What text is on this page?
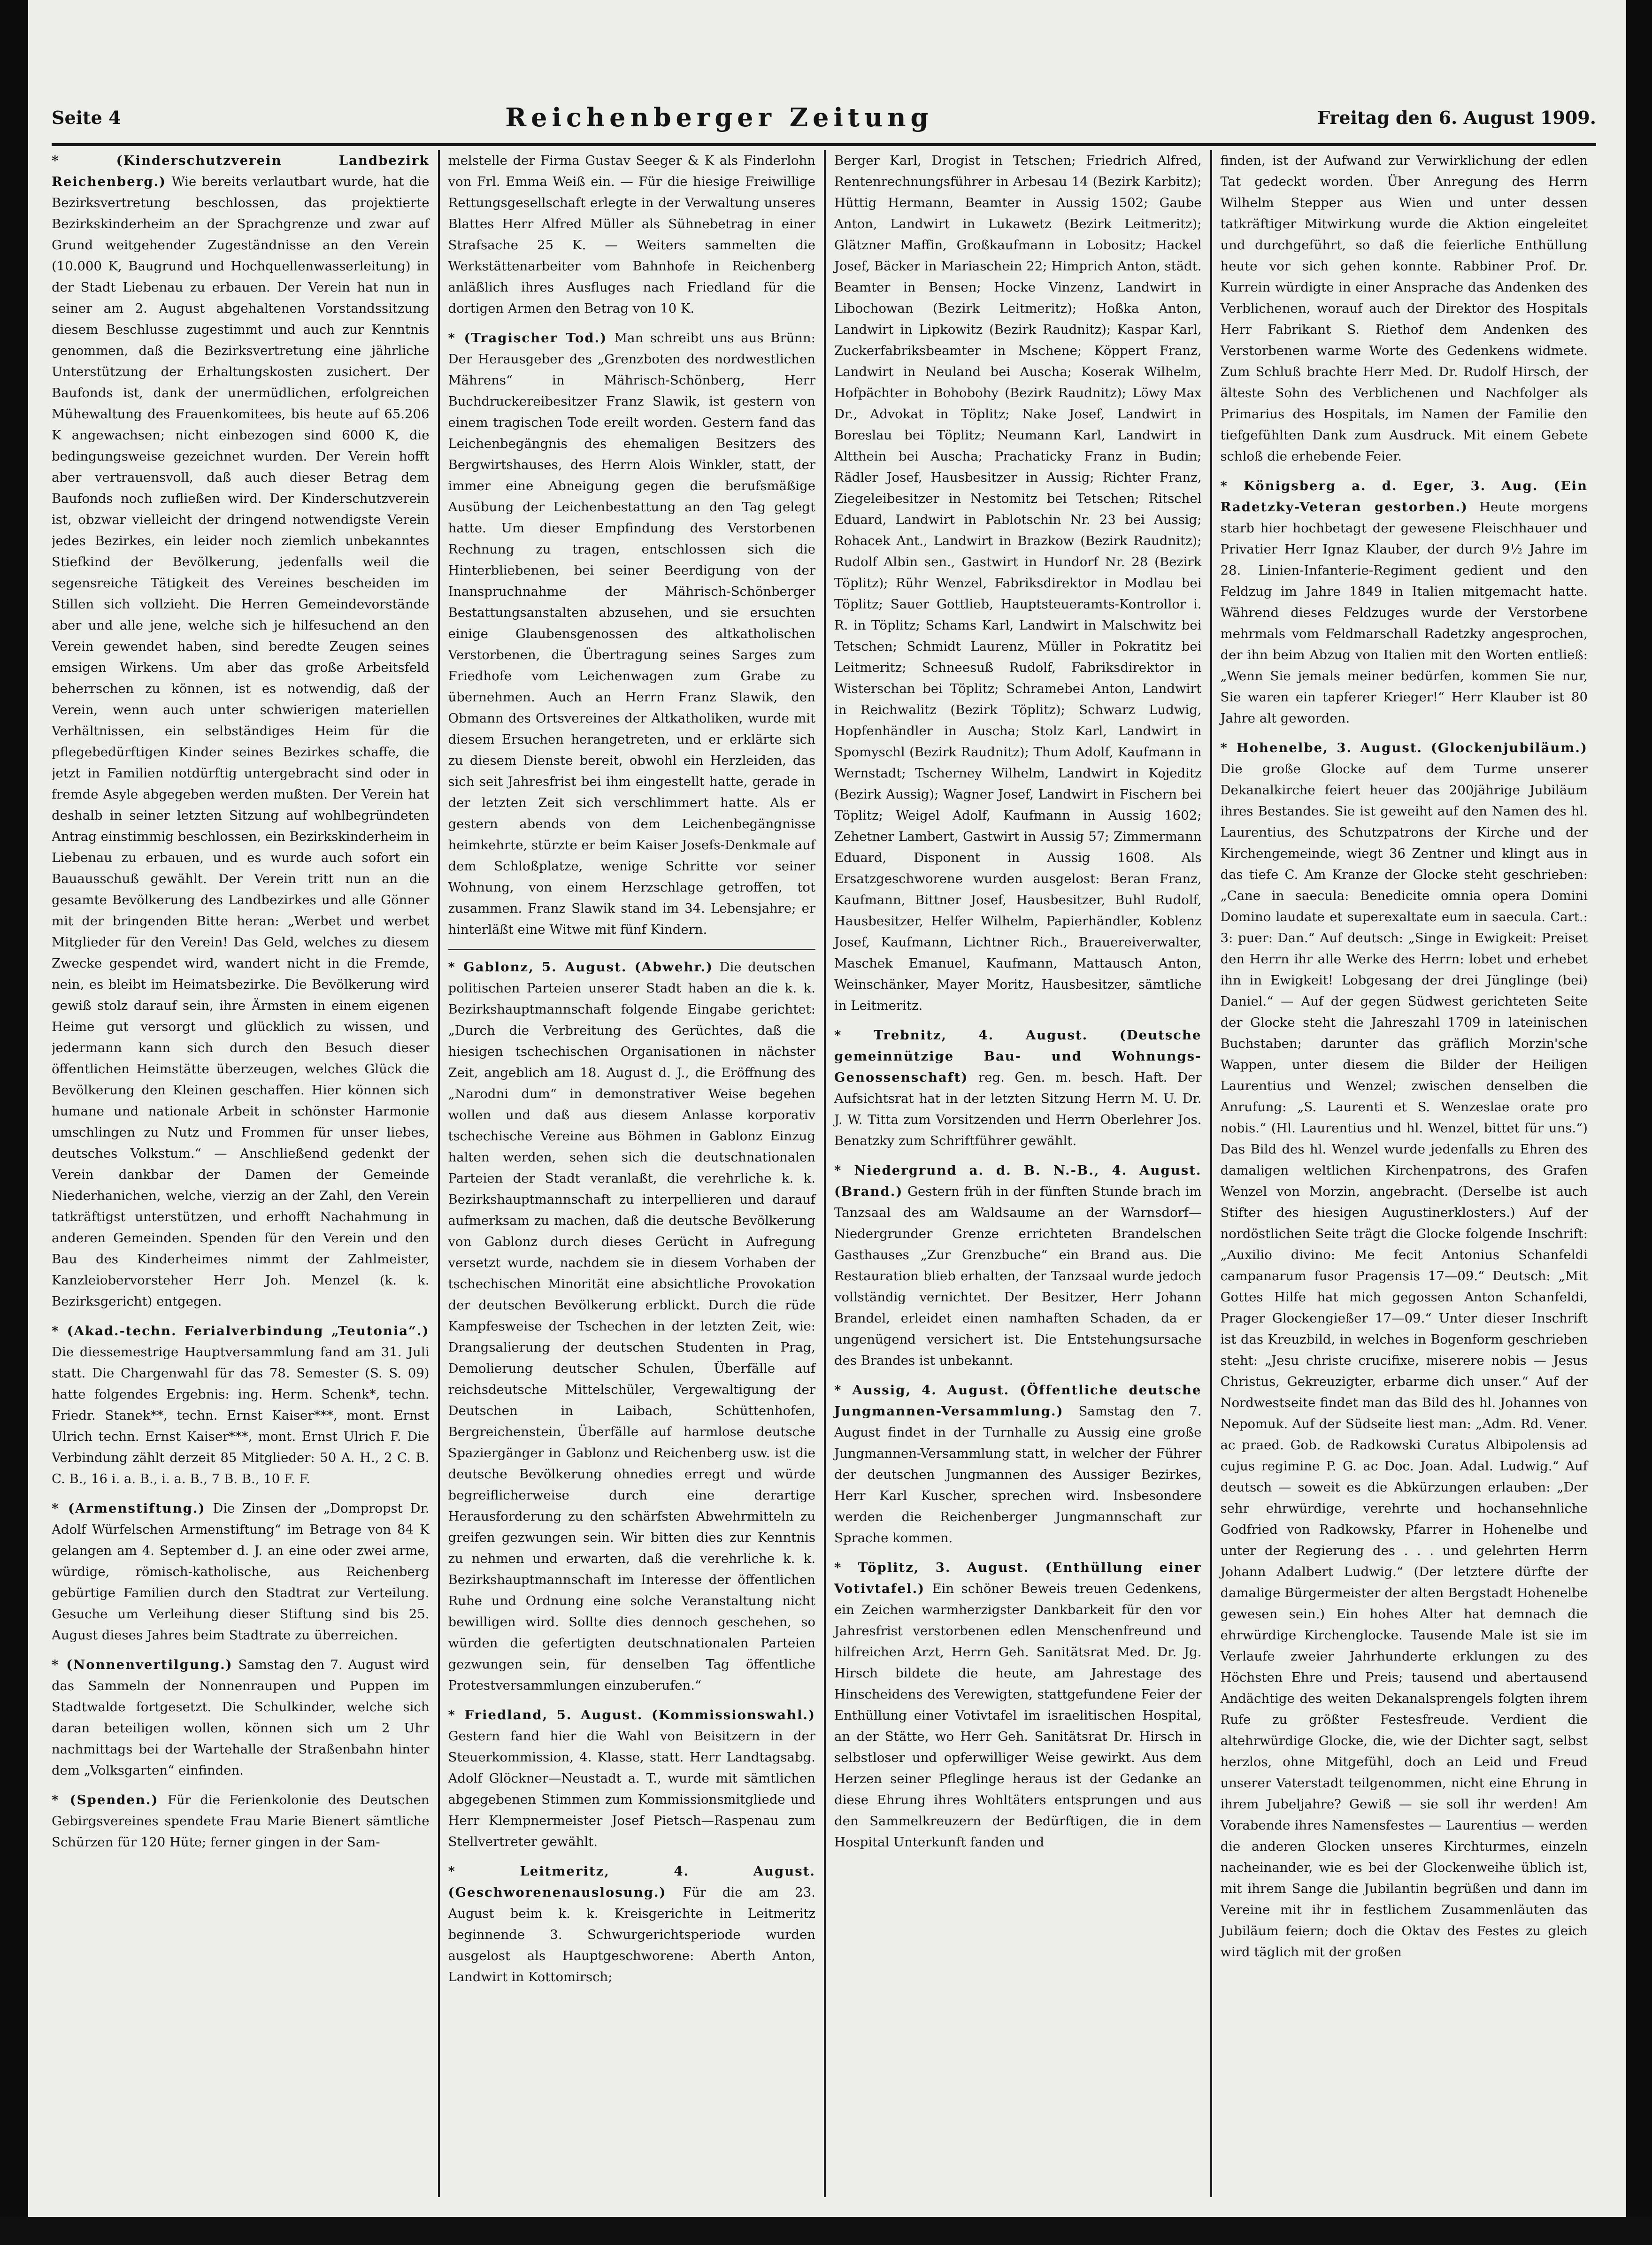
Seite 4	Reichenberger Zeitung	Freitag den 6. August 1909.

* (Kinderschutzverein Landbezirk Reichenberg.) Wie bereits verlautbart wurde, hat die Bezirksvertretung beschlossen, das projektierte Bezirkskinderheim an der Sprachgrenze und zwar auf Grund weitgehender Zugeständnisse an den Verein (10.000 K, Baugrund und Hochquellenwasserleitung) in der Stadt Liebenau zu erbauen. Der Verein hat nun in seiner am 2. August abgehaltenen Vorstandssitzung diesem Beschlusse zugestimmt und auch zur Kenntnis genommen, daß die Bezirksvertretung eine jährliche Unterstützung der Erhaltungskosten zusichert. Der Baufonds ist, dank der unermüdlichen, erfolgreichen Mühewaltung des Frauenkomitees, bis heute auf 65.206 K angewachsen; nicht einbezogen sind 6000 K, die bedingungsweise gezeichnet wurden. Der Verein hofft aber vertrauensvoll, daß auch dieser Betrag dem Baufonds noch zufließen wird. Der Kinderschutzverein ist, obzwar vielleicht der dringend notwendigste Verein jedes Bezirkes, ein leider noch ziemlich unbekanntes Stiefkind der Bevölkerung, jedenfalls weil die segensreiche Tätigkeit des Vereines bescheiden im Stillen sich vollzieht. Die Herren Gemeindevorstände aber und alle jene, welche sich je hilfesuchend an den Verein gewendet haben, sind beredte Zeugen seines emsigen Wirkens. Um aber das große Arbeitsfeld beherrschen zu können, ist es notwendig, daß der Verein, wenn auch unter schwierigen materiellen Verhältnissen, ein selbständiges Heim für die pflegebedürftigen Kinder seines Bezirkes schaffe, die jetzt in Familien notdürftig untergebracht sind oder in fremde Asyle abgegeben werden mußten. Der Verein hat deshalb in seiner letzten Sitzung auf wohlbegründeten Antrag einstimmig beschlossen, ein Bezirkskinderheim in Liebenau zu erbauen, und es wurde auch sofort ein Bauausschuß gewählt. Der Verein tritt nun an die gesamte Bevölkerung des Landbezirkes und alle Gönner mit der bringenden Bitte heran: „Werbet und werbet Mitglieder für den Verein! Das Geld, welches zu diesem Zwecke gespendet wird, wandert nicht in die Fremde, nein, es bleibt im Heimatsbezirke. Die Bevölkerung wird gewiß stolz darauf sein, ihre Ärmsten in einem eigenen Heime gut versorgt und glücklich zu wissen, und jedermann kann sich durch den Besuch dieser öffentlichen Heimstätte überzeugen, welches Glück die Bevölkerung den Kleinen geschaffen. Hier können sich humane und nationale Arbeit in schönster Harmonie umschlingen zu Nutz und Frommen für unser liebes, deutsches Volkstum.“ — Anschließend gedenkt der Verein dankbar der Damen der Gemeinde Niederhanichen, welche, vierzig an der Zahl, den Verein tatkräftigst unterstützen, und erhofft Nachahmung in anderen Gemeinden. Spenden für den Verein und den Bau des Kinderheimes nimmt der Zahlmeister, Kanzleiobervorsteher Herr Joh. Menzel (k. k. Bezirksgericht) entgegen.

* (Akad.-techn. Ferialverbindung „Teutonia“.) Die diessemestrige Hauptversammlung fand am 31. Juli statt. Die Chargenwahl für das 78. Semester (S. S. 09) hatte folgendes Ergebnis: ing. Herm. Schenk*, techn. Friedr. Stanek**, techn. Ernst Kaiser***, mont. Ernst Ulrich techn. Ernst Kaiser***, mont. Ernst Ulrich F. Die Verbindung zählt derzeit 85 Mitglieder: 50 A. H., 2 C. B. C. B., 16 i. a. B., i. a. B., 7 B. B., 10 F. F.

* (Armenstiftung.) Die Zinsen der „Dompropst Dr. Adolf Würfelschen Armenstiftung“ im Betrage von 84 K gelangen am 4. September d. J. an eine oder zwei arme, würdige, römisch-katholische, aus Reichenberg gebürtige Familien durch den Stadtrat zur Verteilung. Gesuche um Verleihung dieser Stiftung sind bis 25. August dieses Jahres beim Stadtrate zu überreichen.

* (Nonnenvertilgung.) Samstag den 7. August wird das Sammeln der Nonnenraupen und Puppen im Stadtwalde fortgesetzt. Die Schulkinder, welche sich daran beteiligen wollen, können sich um 2 Uhr nachmittags bei der Wartehalle der Straßenbahn hinter dem „Volksgarten“ einfinden.

* (Spenden.) Für die Ferienkolonie des Deutschen Gebirgsvereines spendete Frau Marie Bienert sämtliche Schürzen für 120 Hüte; ferner gingen in der Sam-

melstelle der Firma Gustav Seeger & K als Finderlohn von Frl. Emma Weiß ein. — Für die hiesige Freiwillige Rettungsgesellschaft erlegte in der Verwaltung unseres Blattes Herr Alfred Müller als Sühnebetrag in einer Strafsache 25 K. — Weiters sammelten die Werkstättenarbeiter vom Bahnhofe in Reichenberg anläßlich ihres Ausfluges nach Friedland für die dortigen Armen den Betrag von 10 K.

* (Tragischer Tod.) Man schreibt uns aus Brünn: Der Herausgeber des „Grenzboten des nordwestlichen Mährens“ in Mährisch-Schönberg, Herr Buchdruckereibesitzer Franz Slawik, ist gestern von einem tragischen Tode ereilt worden. Gestern fand das Leichenbegängnis des ehemaligen Besitzers des Bergwirtshauses, des Herrn Alois Winkler, statt, der immer eine Abneigung gegen die berufsmäßige Ausübung der Leichenbestattung an den Tag gelegt hatte. Um dieser Empfindung des Verstorbenen Rechnung zu tragen, entschlossen sich die Hinterbliebenen, bei seiner Beerdigung von der Inanspruchnahme der Mährisch-Schönberger Bestattungsanstalten abzusehen, und sie ersuchten einige Glaubensgenossen des altkatholischen Verstorbenen, die Übertragung seines Sarges zum Friedhofe vom Leichenwagen zum Grabe zu übernehmen. Auch an Herrn Franz Slawik, den Obmann des Ortsvereines der Altkatholiken, wurde mit diesem Ersuchen herangetreten, und er erklärte sich zu diesem Dienste bereit, obwohl ein Herzleiden, das sich seit Jahresfrist bei ihm eingestellt hatte, gerade in der letzten Zeit sich verschlimmert hatte. Als er gestern abends von dem Leichenbegängnisse heimkehrte, stürzte er beim Kaiser Josefs-Denkmale auf dem Schloßplatze, wenige Schritte vor seiner Wohnung, von einem Herzschlage getroffen, tot zusammen. Franz Slawik stand im 34. Lebensjahre; er hinterläßt eine Witwe mit fünf Kindern.

* Gablonz, 5. August. (Abwehr.) Die deutschen politischen Parteien unserer Stadt haben an die k. k. Bezirkshauptmannschaft folgende Eingabe gerichtet: „Durch die Verbreitung des Gerüchtes, daß die hiesigen tschechischen Organisationen in nächster Zeit, angeblich am 18. August d. J., die Eröffnung des „Narodni dum“ in demonstrativer Weise begehen wollen und daß aus diesem Anlasse korporativ tschechische Vereine aus Böhmen in Gablonz Einzug halten werden, sehen sich die deutschnationalen Parteien der Stadt veranlaßt, die verehrliche k. k. Bezirkshauptmannschaft zu interpellieren und darauf aufmerksam zu machen, daß die deutsche Bevölkerung von Gablonz durch dieses Gerücht in Aufregung versetzt wurde, nachdem sie in diesem Vorhaben der tschechischen Minorität eine absichtliche Provokation der deutschen Bevölkerung erblickt. Durch die rüde Kampfesweise der Tschechen in der letzten Zeit, wie: Drangsalierung der deutschen Studenten in Prag, Demolierung deutscher Schulen, Überfälle auf reichsdeutsche Mittelschüler, Vergewaltigung der Deutschen in Laibach, Schüttenhofen, Bergreichenstein, Überfälle auf harmlose deutsche Spaziergänger in Gablonz und Reichenberg usw. ist die deutsche Bevölkerung ohnedies erregt und würde begreiflicherweise durch eine derartige Herausforderung zu den schärfsten Abwehrmitteln zu greifen gezwungen sein. Wir bitten dies zur Kenntnis zu nehmen und erwarten, daß die verehrliche k. k. Bezirkshauptmannschaft im Interesse der öffentlichen Ruhe und Ordnung eine solche Veranstaltung nicht bewilligen wird. Sollte dies dennoch geschehen, so würden die gefertigten deutschnationalen Parteien gezwungen sein, für denselben Tag öffentliche Protestversammlungen einzuberufen.“

* Friedland, 5. August. (Kommissionswahl.) Gestern fand hier die Wahl von Beisitzern in der Steuerkommission, 4. Klasse, statt. Herr Landtagsabg. Adolf Glöckner—Neustadt a. T., wurde mit sämtlichen abgegebenen Stimmen zum Kommissionsmitgliede und Herr Klempnermeister Josef Pietsch—Raspenau zum Stellvertreter gewählt.

* Leitmeritz, 4. August. (Geschworenenauslosung.) Für die am 23. August beim k. k. Kreisgerichte in Leitmeritz beginnende 3. Schwurgerichtsperiode wurden ausgelost als Hauptgeschworene: Aberth Anton, Landwirt in Kottomirsch;

Berger Karl, Drogist in Tetschen; Friedrich Alfred, Rentenrechnungsführer in Arbesau 14 (Bezirk Karbitz); Hüttig Hermann, Beamter in Aussig 1502; Gaube Anton, Landwirt in Lukawetz (Bezirk Leitmeritz); Glätzner Maffin, Großkaufmann in Lobositz; Hackel Josef, Bäcker in Mariaschein 22; Himprich Anton, städt. Beamter in Bensen; Hocke Vinzenz, Landwirt in Libochowan (Bezirk Leitmeritz); Hoßka Anton, Landwirt in Lipkowitz (Bezirk Raudnitz); Kaspar Karl, Zuckerfabriksbeamter in Mschene; Köppert Franz, Landwirt in Neuland bei Auscha; Koserak Wilhelm, Hofpächter in Bohobohy (Bezirk Raudnitz); Löwy Max Dr., Advokat in Töplitz; Nake Josef, Landwirt in Boreslau bei Töplitz; Neumann Karl, Landwirt in Altthein bei Auscha; Prachaticky Franz in Budin; Rädler Josef, Hausbesitzer in Aussig; Richter Franz, Ziegeleibesitzer in Nestomitz bei Tetschen; Ritschel Eduard, Landwirt in Pablotschin Nr. 23 bei Aussig; Rohacek Ant., Landwirt in Brazkow (Bezirk Raudnitz); Rudolf Albin sen., Gastwirt in Hundorf Nr. 28 (Bezirk Töplitz); Rühr Wenzel, Fabriksdirektor in Modlau bei Töplitz; Sauer Gottlieb, Hauptsteueramts-Kontrollor i. R. in Töplitz; Schams Karl, Landwirt in Malschwitz bei Tetschen; Schmidt Laurenz, Müller in Pokratitz bei Leitmeritz; Schneesuß Rudolf, Fabriksdirektor in Wisterschan bei Töplitz; Schramebei Anton, Landwirt in Reichwalitz (Bezirk Töplitz); Schwarz Ludwig, Hopfenhändler in Auscha; Stolz Karl, Landwirt in Spomyschl (Bezirk Raudnitz); Thum Adolf, Kaufmann in Wernstadt; Tscherney Wilhelm, Landwirt in Kojeditz (Bezirk Aussig); Wagner Josef, Landwirt in Fischern bei Töplitz; Weigel Adolf, Kaufmann in Aussig 1602; Zehetner Lambert, Gastwirt in Aussig 57; Zimmermann Eduard, Disponent in Aussig 1608. Als Ersatzgeschworene wurden ausgelost: Beran Franz, Kaufmann, Bittner Josef, Hausbesitzer, Buhl Rudolf, Hausbesitzer, Helfer Wilhelm, Papierhändler, Koblenz Josef, Kaufmann, Lichtner Rich., Brauereiverwalter, Maschek Emanuel, Kaufmann, Mattausch Anton, Weinschänker, Mayer Moritz, Hausbesitzer, sämtliche in Leitmeritz.

* Trebnitz, 4. August. (Deutsche gemeinnützige Bau- und Wohnungs-Genossenschaft) reg. Gen. m. besch. Haft. Der Aufsichtsrat hat in der letzten Sitzung Herrn M. U. Dr. J. W. Titta zum Vorsitzenden und Herrn Oberlehrer Jos. Benatzky zum Schriftführer gewählt.

* Niedergrund a. d. B. N.-B., 4. August. (Brand.) Gestern früh in der fünften Stunde brach im Tanzsaal des am Waldsaume an der Warnsdorf—Niedergrunder Grenze errichteten Brandelschen Gasthauses „Zur Grenzbuche“ ein Brand aus. Die Restauration blieb erhalten, der Tanzsaal wurde jedoch vollständig vernichtet. Der Besitzer, Herr Johann Brandel, erleidet einen namhaften Schaden, da er ungenügend versichert ist. Die Entstehungsursache des Brandes ist unbekannt.

* Aussig, 4. August. (Öffentliche deutsche Jungmannen-Versammlung.) Samstag den 7. August findet in der Turnhalle zu Aussig eine große Jungmannen-Versammlung statt, in welcher der Führer der deutschen Jungmannen des Aussiger Bezirkes, Herr Karl Kuscher, sprechen wird. Insbesondere werden die Reichenberger Jungmannschaft zur Sprache kommen.

* Töplitz, 3. August. (Enthüllung einer Votivtafel.) Ein schöner Beweis treuen Gedenkens, ein Zeichen warmherzigster Dankbarkeit für den vor Jahresfrist verstorbenen edlen Menschenfreund und hilfreichen Arzt, Herrn Geh. Sanitätsrat Med. Dr. Jg. Hirsch bildete die heute, am Jahrestage des Hinscheidens des Verewigten, stattgefundene Feier der Enthüllung einer Votivtafel im israelitischen Hospital, an der Stätte, wo Herr Geh. Sanitätsrat Dr. Hirsch in selbstloser und opferwilliger Weise gewirkt. Aus dem Herzen seiner Pfleglinge heraus ist der Gedanke an diese Ehrung ihres Wohltäters entsprungen und aus den Sammelkreuzern der Bedürftigen, die in dem Hospital Unterkunft fanden und

finden, ist der Aufwand zur Verwirklichung der edlen Tat gedeckt worden. Über Anregung des Herrn Wilhelm Stepper aus Wien und unter dessen tatkräftiger Mitwirkung wurde die Aktion eingeleitet und durchgeführt, so daß die feierliche Enthüllung heute vor sich gehen konnte. Rabbiner Prof. Dr. Kurrein würdigte in einer Ansprache das Andenken des Verblichenen, worauf auch der Direktor des Hospitals Herr Fabrikant S. Riethof dem Andenken des Verstorbenen warme Worte des Gedenkens widmete. Zum Schluß brachte Herr Med. Dr. Rudolf Hirsch, der älteste Sohn des Verblichenen und Nachfolger als Primarius des Hospitals, im Namen der Familie den tiefgefühlten Dank zum Ausdruck. Mit einem Gebete schloß die erhebende Feier.

* Königsberg a. d. Eger, 3. Aug. (Ein Radetzky-Veteran gestorben.) Heute morgens starb hier hochbetagt der gewesene Fleischhauer und Privatier Herr Ignaz Klauber, der durch 9½ Jahre im 28. Linien-Infanterie-Regiment gedient und den Feldzug im Jahre 1849 in Italien mitgemacht hatte. Während dieses Feldzuges wurde der Verstorbene mehrmals vom Feldmarschall Radetzky angesprochen, der ihn beim Abzug von Italien mit den Worten entließ: „Wenn Sie jemals meiner bedürfen, kommen Sie nur, Sie waren ein tapferer Krieger!“ Herr Klauber ist 80 Jahre alt geworden.

* Hohenelbe, 3. August. (Glockenjubiläum.) Die große Glocke auf dem Turme unserer Dekanalkirche feiert heuer das 200jährige Jubiläum ihres Bestandes. Sie ist geweiht auf den Namen des hl. Laurentius, des Schutzpatrons der Kirche und der Kirchengemeinde, wiegt 36 Zentner und klingt aus in das tiefe C. Am Kranze der Glocke steht geschrieben: „Cane in saecula: Benedicite omnia opera Domini Domino laudate et superexaltate eum in saecula. Cart.: 3: puer: Dan.“ Auf deutsch: „Singe in Ewigkeit: Preiset den Herrn ihr alle Werke des Herrn: lobet und erhebet ihn in Ewigkeit! Lobgesang der drei Jünglinge (bei) Daniel.“ — Auf der gegen Südwest gerichteten Seite der Glocke steht die Jahreszahl 1709 in lateinischen Buchstaben; darunter das gräflich Morzin'sche Wappen, unter diesem die Bilder der Heiligen Laurentius und Wenzel; zwischen denselben die Anrufung: „S. Laurenti et S. Wenzeslae orate pro nobis.“ (Hl. Laurentius und hl. Wenzel, bittet für uns.“) Das Bild des hl. Wenzel wurde jedenfalls zu Ehren des damaligen weltlichen Kirchenpatrons, des Grafen Wenzel von Morzin, angebracht. (Derselbe ist auch Stifter des hiesigen Augustinerklosters.) Auf der nordöstlichen Seite trägt die Glocke folgende Inschrift: „Auxilio divino: Me fecit Antonius Schanfeldi campanarum fusor Pragensis 17—09.“ Deutsch: „Mit Gottes Hilfe hat mich gegossen Anton Schanfeldi, Prager Glockengießer 17—09.“ Unter dieser Inschrift ist das Kreuzbild, in welches in Bogenform geschrieben steht: „Jesu christe crucifixe, miserere nobis — Jesus Christus, Gekreuzigter, erbarme dich unser.“ Auf der Nordwestseite findet man das Bild des hl. Johannes von Nepomuk. Auf der Südseite liest man: „Adm. Rd. Vener. ac praed. Gob. de Radkowski Curatus Albipolensis ad cujus regimine P. G. ac Doc. Joan. Adal. Ludwig.“ Auf deutsch — soweit es die Abkürzungen erlauben: „Der sehr ehrwürdige, verehrte und hochansehnliche Godfried von Radkowsky, Pfarrer in Hohenelbe und unter der Regierung des . . . und gelehrten Herrn Johann Adalbert Ludwig.“ (Der letztere dürfte der damalige Bürgermeister der alten Bergstadt Hohenelbe gewesen sein.) Ein hohes Alter hat demnach die ehrwürdige Kirchenglocke. Tausende Male ist sie im Verlaufe zweier Jahrhunderte erklungen zu des Höchsten Ehre und Preis; tausend und abertausend Andächtige des weiten Dekanalsprengels folgten ihrem Rufe zu größter Festesfreude. Verdient die altehrwürdige Glocke, die, wie der Dichter sagt, selbst herzlos, ohne Mitgefühl, doch an Leid und Freud unserer Vaterstadt teilgenommen, nicht eine Ehrung in ihrem Jubeljahre? Gewiß — sie soll ihr werden! Am Vorabende ihres Namensfestes — Laurentius — werden die anderen Glocken unseres Kirchturmes, einzeln nacheinander, wie es bei der Glockenweihe üblich ist, mit ihrem Sange die Jubilantin begrüßen und dann im Vereine mit ihr in festlichem Zusammenläuten das Jubiläum feiern; doch die Oktav des Festes zu gleich wird täglich mit der großen
